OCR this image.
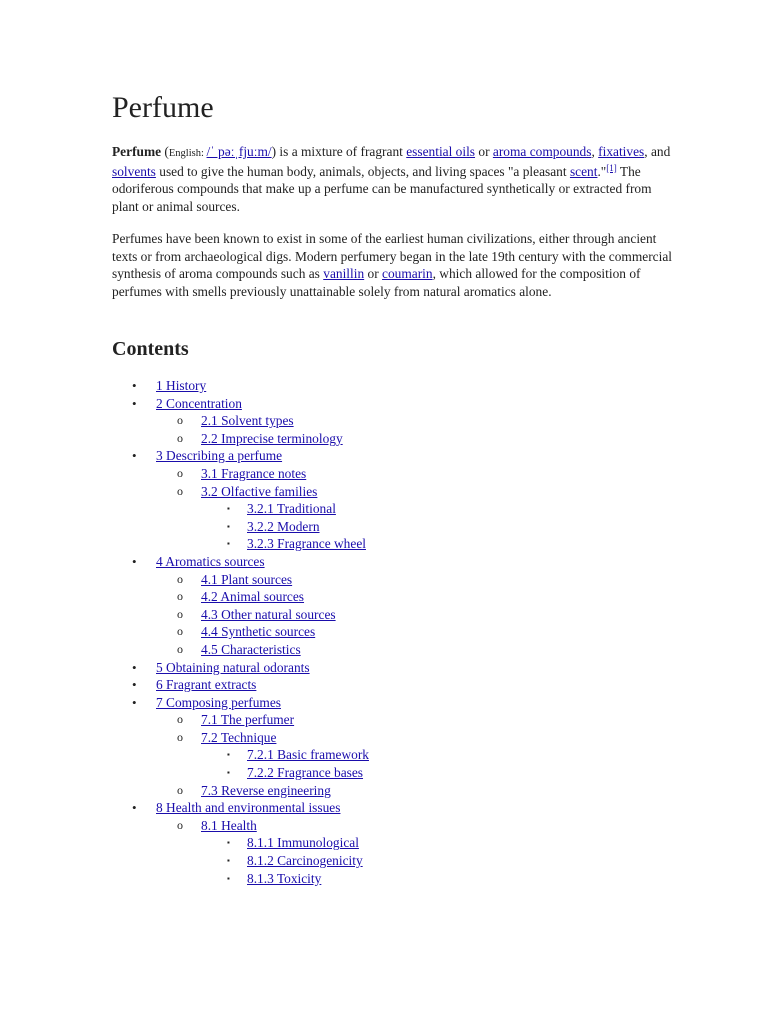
Perfume

Perfume (English: /ˈ pəːˌfjuːm/) is a mixture of fragrant essential oils or aroma compounds, fixatives, and solvents used to give the human body, animals, objects, and living spaces "a pleasant scent."[1] The odoriferous compounds that make up a perfume can be manufactured synthetically or extracted from plant or animal sources.

Perfumes have been known to exist in some of the earliest human civilizations, either through ancient texts or from archaeological digs. Modern perfumery began in the late 19th century with the commercial synthesis of aroma compounds such as vanillin or coumarin, which allowed for the composition of perfumes with smells previously unattainable solely from natural aromatics alone.

Contents
• 1 History
• 2 Concentration
o 2.1 Solvent types
o 2.2 Imprecise terminology
• 3 Describing a perfume
o 3.1 Fragrance notes
o 3.2 Olfactive families
▪ 3.2.1 Traditional
▪ 3.2.2 Modern
▪ 3.2.3 Fragrance wheel
• 4 Aromatics sources
o 4.1 Plant sources
o 4.2 Animal sources
o 4.3 Other natural sources
o 4.4 Synthetic sources
o 4.5 Characteristics
• 5 Obtaining natural odorants
• 6 Fragrant extracts
• 7 Composing perfumes
o 7.1 The perfumer
o 7.2 Technique
▪ 7.2.1 Basic framework
▪ 7.2.2 Fragrance bases
o 7.3 Reverse engineering
• 8 Health and environmental issues
o 8.1 Health
▪ 8.1.1 Immunological
▪ 8.1.2 Carcinogenicity
▪ 8.1.3 Toxicity
